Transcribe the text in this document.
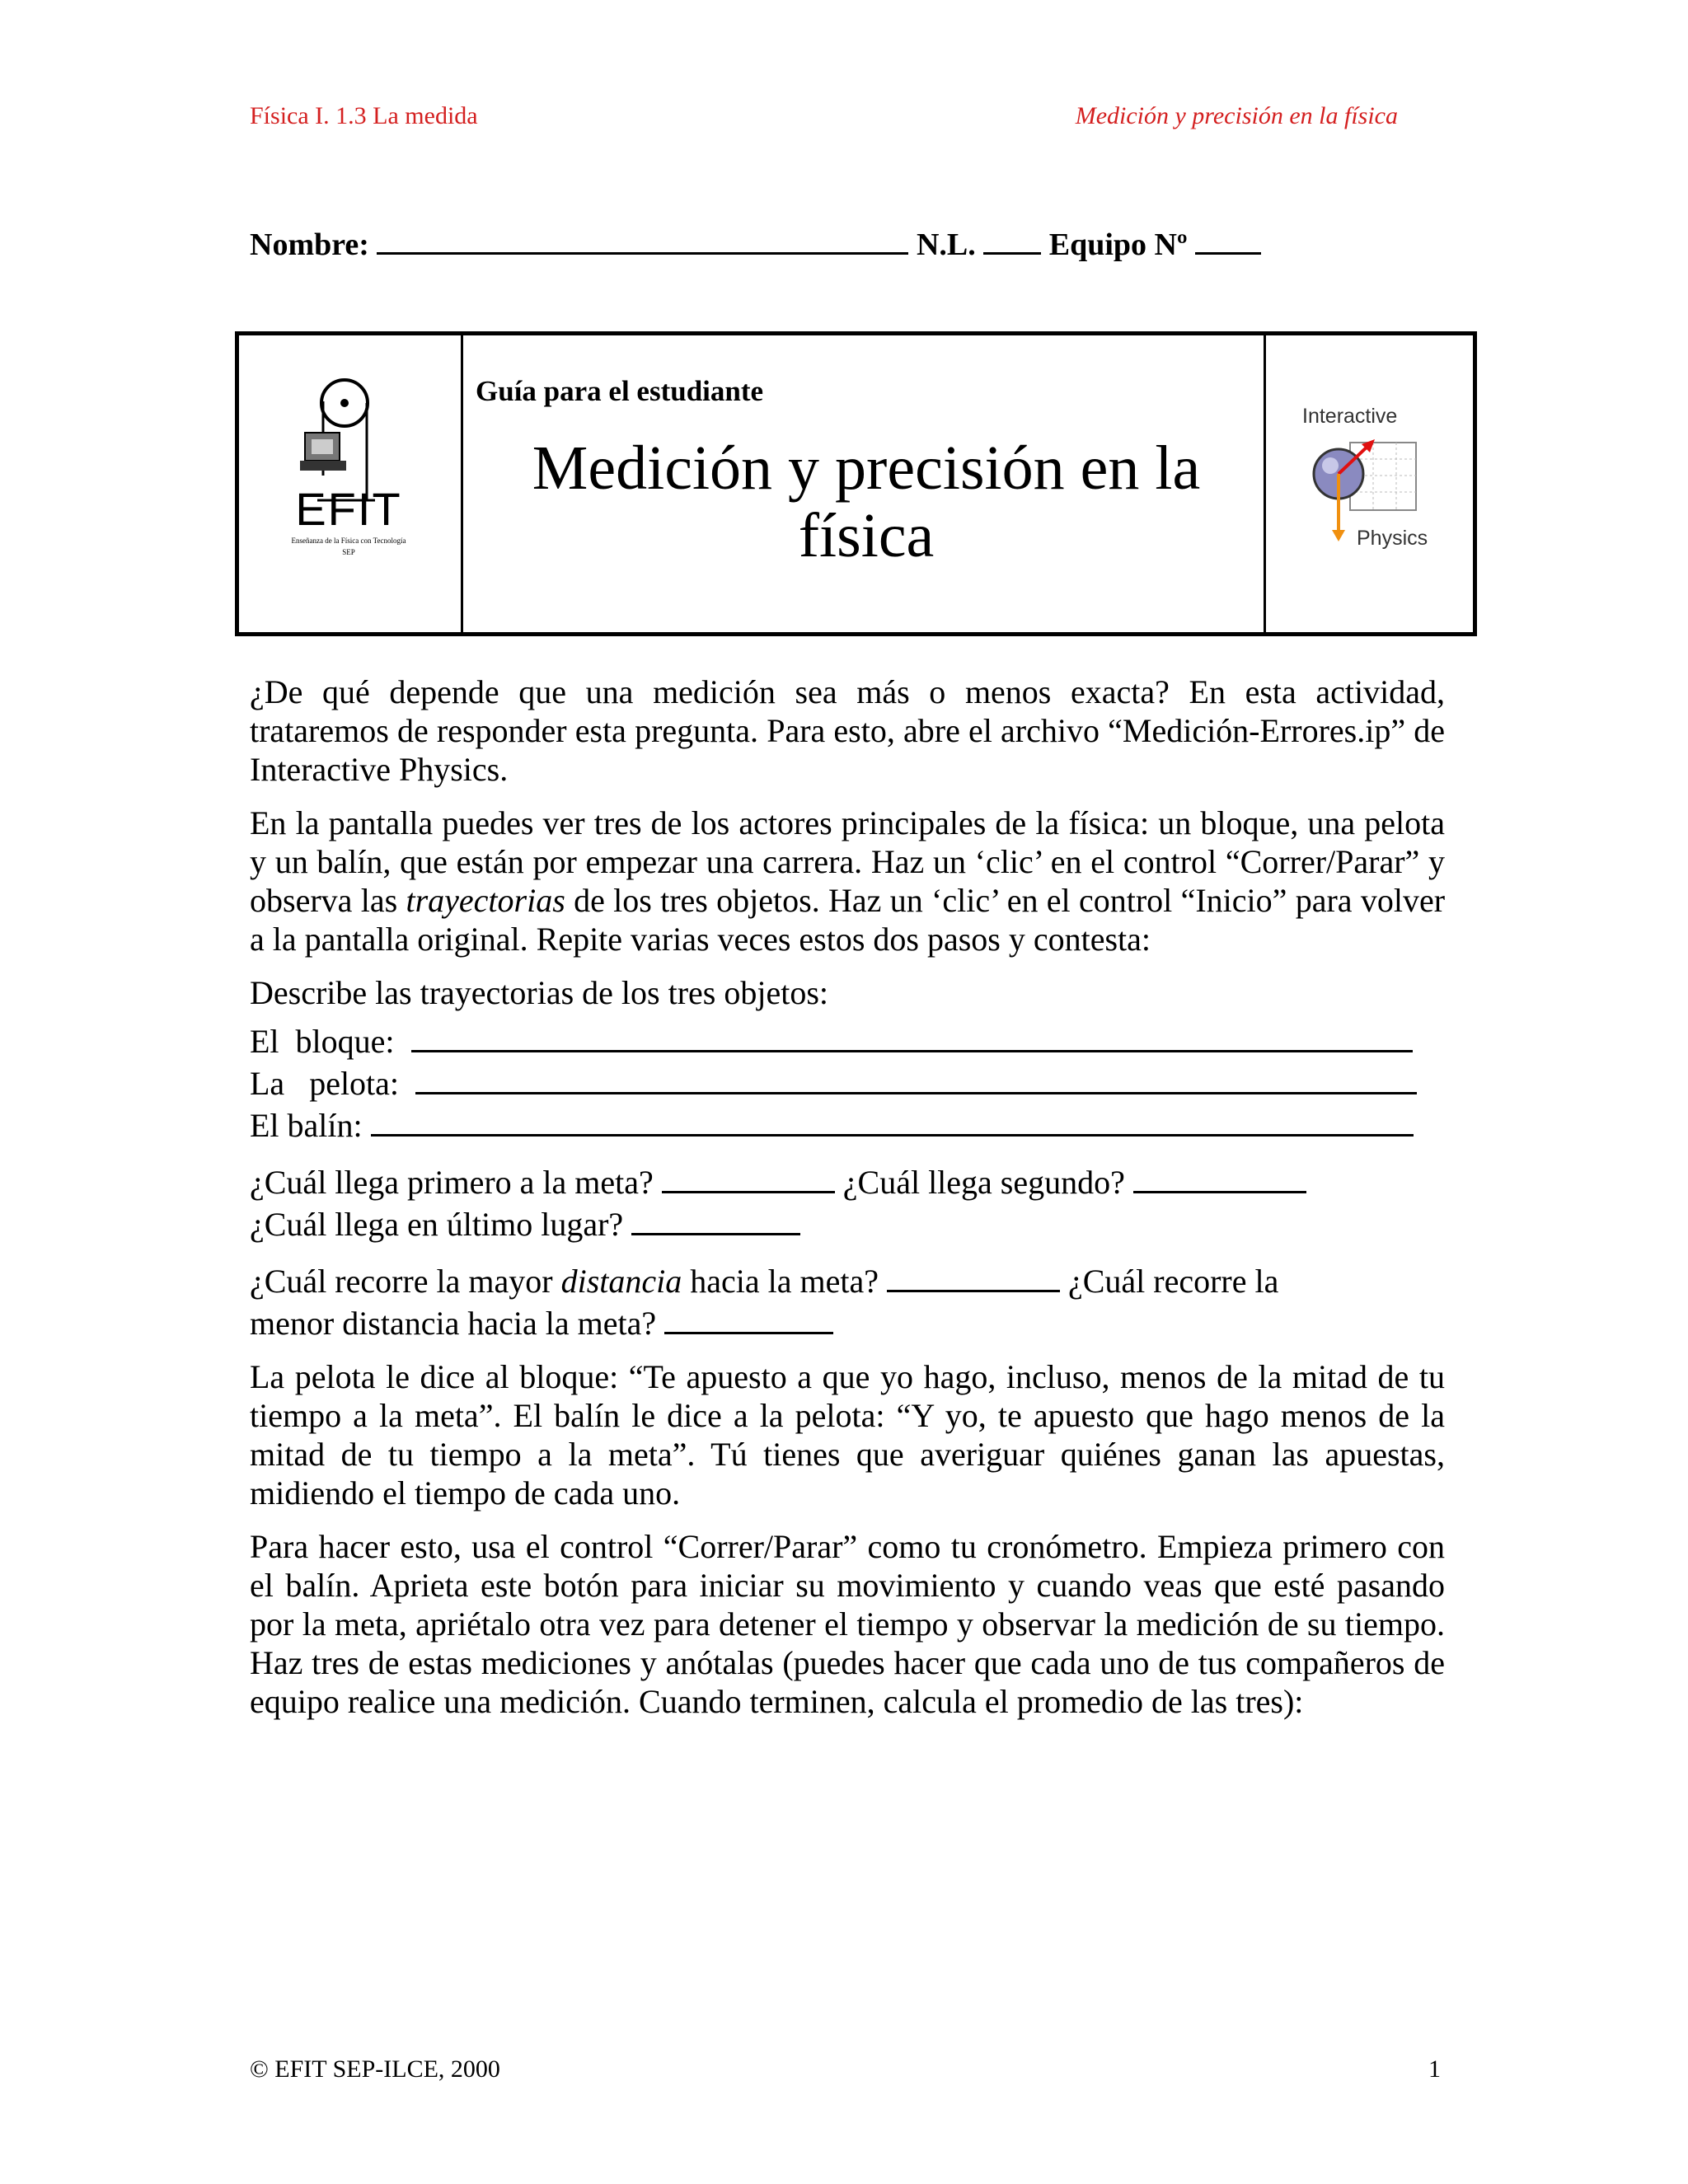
Física I. 1.3 La medida	Medición y precisión en la física
Nombre:	N.L. Equipo Nº
EFIT
Enseñanza de la Física con Tecnología
SEP
Guía para el estudiante
Medición y precisión en la
física
Interactive
Physics

¿De qué depende que una medición sea más o menos exacta? En esta actividad, trataremos de responder esta pregunta. Para esto, abre el archivo “Medición-Errores.ip” de Interactive Physics.

En la pantalla puedes ver tres de los actores principales de la física: un bloque, una pelota y un balín, que están por empezar una carrera. Haz un ‘clic’ en el control “Correr/Parar” y observa las trayectorias de los tres objetos. Haz un ‘clic’ en el control “Inicio” para volver a la pantalla original. Repite varias veces estos dos pasos y contesta:

Describe las trayectorias de los tres objetos:

El  bloque:
La   pelota:
El balín:
¿Cuál llega primero a la meta?	¿Cuál llega segundo?
¿Cuál llega en último lugar?
¿Cuál recorre la mayor distancia hacia la meta?	¿Cuál recorre la
menor distancia hacia la meta?

La pelota le dice al bloque: “Te apuesto a que yo hago, incluso, menos de la mitad de tu tiempo a la meta”. El balín le dice a la pelota: “Y yo, te apuesto que hago menos de la mitad de tu tiempo a la meta”. Tú tienes que averiguar quiénes ganan las apuestas, midiendo el tiempo de cada uno.

Para hacer esto, usa el control “Correr/Parar” como tu cronómetro. Empieza primero con el balín. Aprieta este botón para iniciar su movimiento y cuando veas que esté pasando por la meta, apriétalo otra vez para detener el tiempo y observar la medición de su tiempo. Haz tres de estas mediciones y anótalas (puedes hacer que cada uno de tus compañeros de equipo realice una medición. Cuando terminen, calcula el promedio de las tres):

© EFIT SEP-ILCE, 2000	1
